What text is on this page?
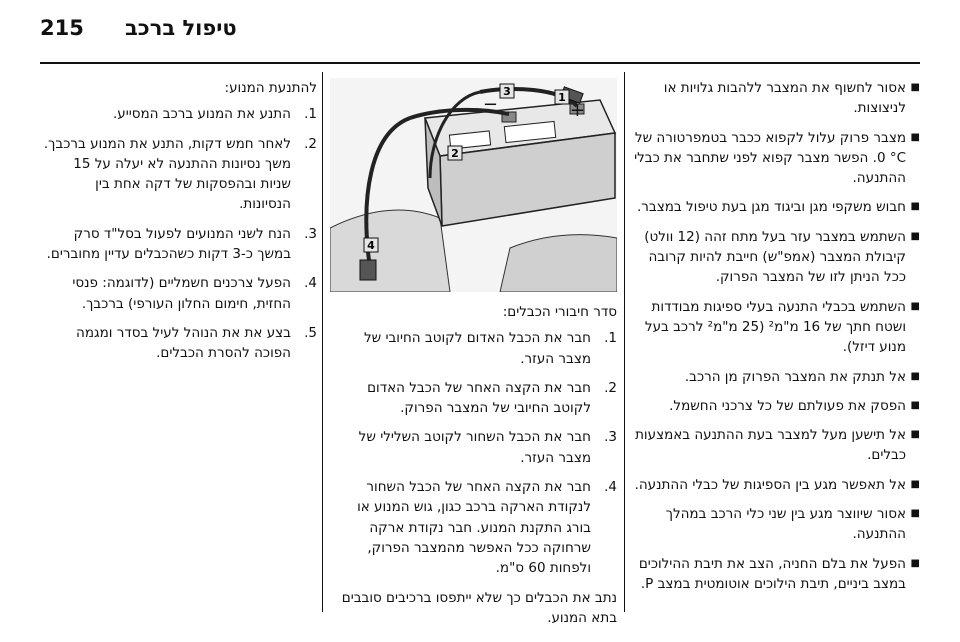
215 טיפול ברכב
■ אסור לחשוף את המצבר ללהבות גלויות או לניצוצות.
■ מצבר פרוק עלול לקפוא ככבר בטמפרטורה של ‎0 °C‏. הפשר מצבר קפוא לפני שתחבר את כבלי ההתנעה.
■ חבוש משקפי מגן וביגוד מגן בעת טיפול במצבר.
■ השתמש במצבר עזר בעל מתח זהה (12 וולט) קיבולת המצבר (אמפ"ש) חייבת להיות קרובה ככל הניתן לזו של המצבר הפרוק.
■ השתמש בכבלי התנעה בעלי ספיגות מבודדות ושטח חתך של 16 מ"מ² (25 מ"מ² לרכב בעל מנוע דיזל).
■ אל תנתק את המצבר הפרוק מן הרכב.
■ הפסק את פעולתם של כל צרכני החשמל.
■ אל תישען מעל למצבר בעת ההתנעה באמצעות כבלים.
■ אל תאפשר מגע בין הספיגות של כבלי ההתנעה.
■ אסור שיווצר מגע בין שני כלי הרכב במהלך ההתנעה.
■ הפעל את בלם החניה, הצב את תיבת ההילוכים במצב ביניים, תיבת הילוכים אוטומטית במצב P.
+
−	1
2
3
4

סדר חיבורי הכבלים:

1.
חבר את הכבל האדום לקוטב החיובי של מצבר העזר.
2.
חבר את הקצה האחר של הכבל האדום לקוטב החיובי של המצבר הפרוק.
3.
חבר את הכבל השחור לקוטב השלילי של מצבר העזר.
4.
חבר את הקצה האחר של הכבל השחור לנקודת הארקה ברכב כגון, גוש המנוע או בורג התקנת המנוע. חבר נקודת ארקה שרחוקה ככל האפשר מהמצבר הפרוק, ולפחות 60 ס"מ.

נתב את הכבלים כך שלא ייתפסו ברכיבים סובבים בתא המנוע.

להתנעת המנוע:

1.
התנע את המנוע ברכב המסייע.
2.
לאחר חמש דקות, התנע את המנוע ברכבך. משך נסיונות ההתנעה לא יעלה על 15 שניות ובהפסקות של דקה אחת בין הנסיונות.
3.
הנח לשני המנועים לפעול בסל"ד סרק במשך כ-3 דקות כשהכבלים עדיין מחוברים.
4.
הפעל צרכנים חשמליים (לדוגמה: פנסי החזית, חימום החלון העורפי) ברכבך.
5.
בצע את את הנוהל לעיל בסדר ומגמה הפוכה להסרת הכבלים.
